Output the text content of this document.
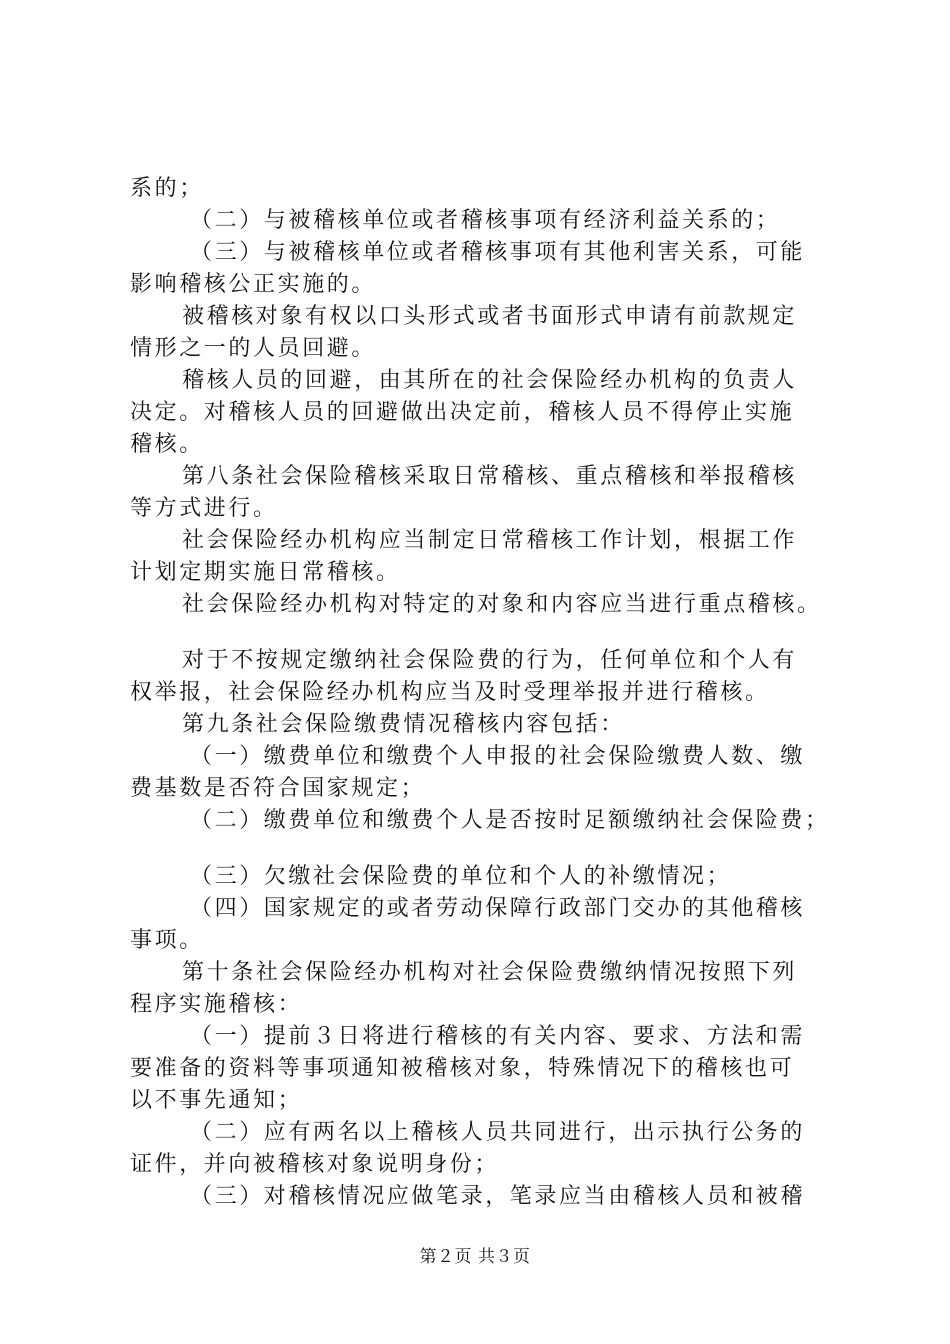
系的；
（二）与被稽核单位或者稽核事项有经济利益关系的；
（三）与被稽核单位或者稽核事项有其他利害关系，可能
影响稽核公正实施的。
被稽核对象有权以口头形式或者书面形式申请有前款规定
情形之一的人员回避。
稽核人员的回避，由其所在的社会保险经办机构的负责人
决定。对稽核人员的回避做出决定前，稽核人员不得停止实施
稽核。
第八条社会保险稽核采取日常稽核、重点稽核和举报稽核
等方式进行。
社会保险经办机构应当制定日常稽核工作计划，根据工作
计划定期实施日常稽核。
社会保险经办机构对特定的对象和内容应当进行重点稽核。
对于不按规定缴纳社会保险费的行为，任何单位和个人有
权举报，社会保险经办机构应当及时受理举报并进行稽核。
第九条社会保险缴费情况稽核内容包括：
（一）缴费单位和缴费个人申报的社会保险缴费人数、缴
费基数是否符合国家规定；
（二）缴费单位和缴费个人是否按时足额缴纳社会保险费；
（三）欠缴社会保险费的单位和个人的补缴情况；
（四）国家规定的或者劳动保障行政部门交办的其他稽核
事项。
第十条社会保险经办机构对社会保险费缴纳情况按照下列
程序实施稽核：
（一）提前３日将进行稽核的有关内容、要求、方法和需
要准备的资料等事项通知被稽核对象，特殊情况下的稽核也可
以不事先通知；
（二）应有两名以上稽核人员共同进行，出示执行公务的
证件，并向被稽核对象说明身份；
（三）对稽核情况应做笔录，笔录应当由稽核人员和被稽
第２页 共３页
